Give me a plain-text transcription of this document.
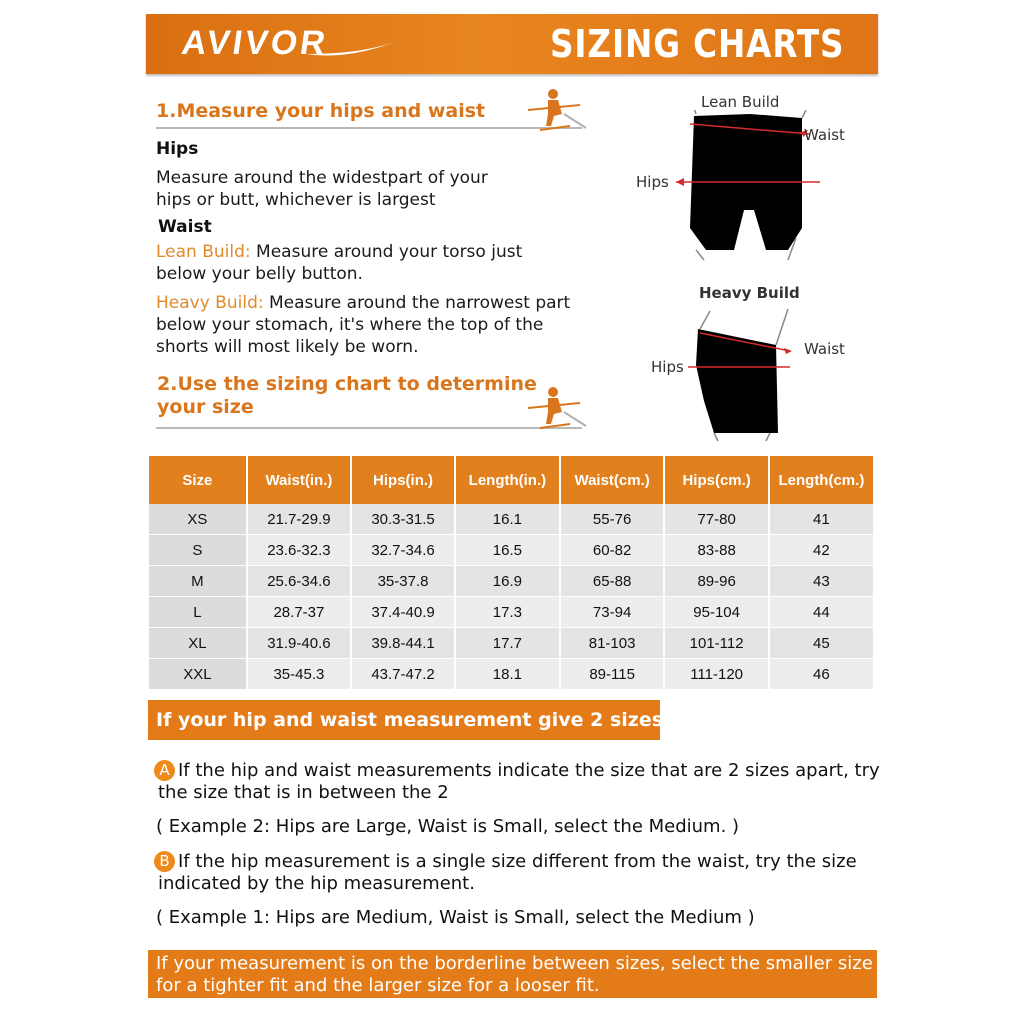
AVIVOR	SIZING CHARTS
1.Measure your hips and waist
Hips
Measure around the widestpart of your hips or butt, whichever is largest
Waist
Lean Build: Measure around your torso just below your belly button.
Heavy Build: Measure around the narrowest part below your stomach, it's where the top of the shorts will most likely be worn.
2.Use the sizing chart to determine
your size
Lean Build
Waist
Hips
Heavy Build
Waist
Hips
Size	Waist(in.)	Hips(in.)	Length(in.)	Waist(cm.)	Hips(cm.)	Length(cm.)
XS	21.7-29.9	30.3-31.5	16.1	55-76	77-80	41
S	23.6-32.3	32.7-34.6	16.5	60-82	83-88	42
M	25.6-34.6	35-37.8	16.9	65-88	89-96	43
L	28.7-37	37.4-40.9	17.3	73-94	95-104	44
XL	31.9-40.6	39.8-44.1	17.7	81-103	101-112	45
XXL	35-45.3	43.7-47.2	18.1	89-115	111-120	46
If your hip and waist measurement give 2 sizes:
A If the hip and waist measurements indicate the size that are 2 sizes apart, try
the size that is in between the 2
( Example 2: Hips are Large, Waist is Small, select the Medium. )
B If the hip measurement is a single size different from the waist, try the size
indicated by the hip measurement.
( Example 1: Hips are Medium, Waist is Small, select the Medium )
If your measurement is on the borderline between sizes, select the smaller size
for a tighter fit and the larger size for a looser fit.
